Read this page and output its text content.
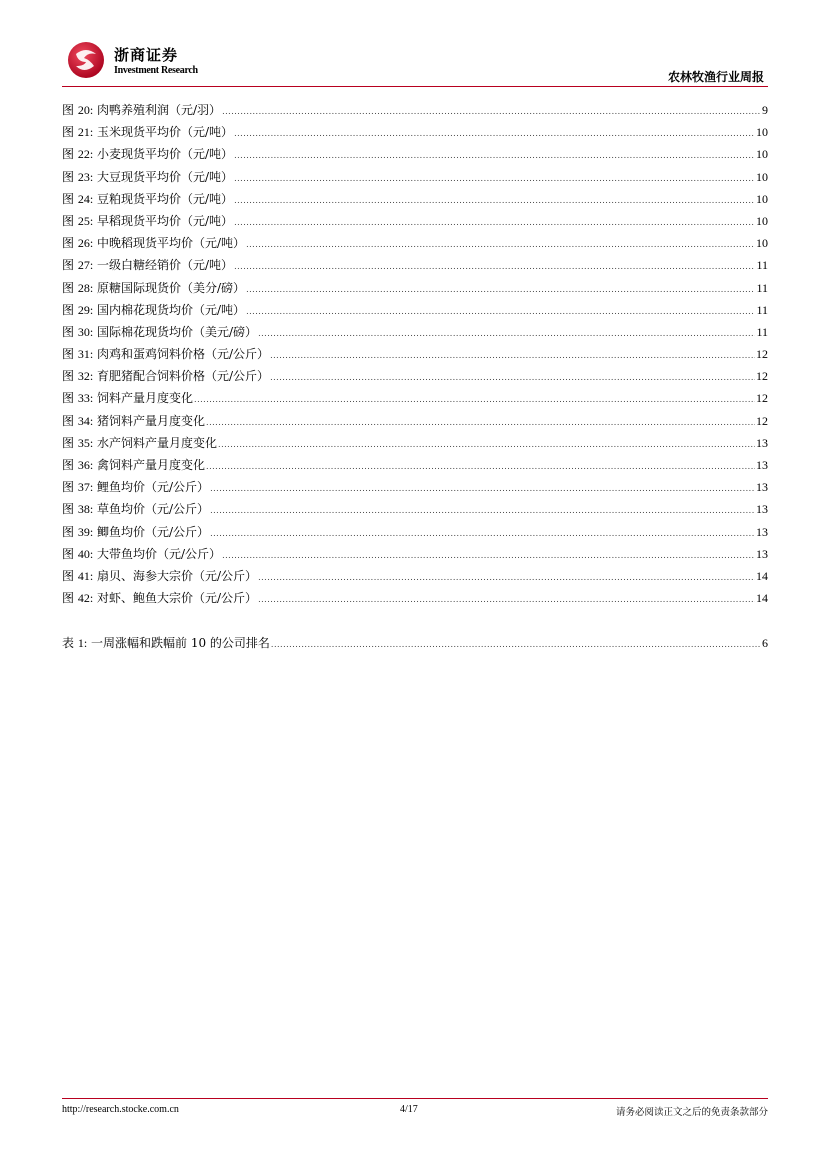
浙商证券
Investment Research	农林牧渔行业周报
图 20: 肉鸭养殖利润（元/羽） .....	9
图 21: 玉米现货平均价（元/吨） .....	10
图 22: 小麦现货平均价（元/吨） .....	10
图 23: 大豆现货平均价（元/吨） .....	10
图 24: 豆粕现货平均价（元/吨） .....	10
图 25: 早稻现货平均价（元/吨） .....	10
图 26: 中晚稻现货平均价（元/吨） .....	10
图 27: 一级白糖经销价（元/吨） .....	11
图 28: 原糖国际现货价（美分/磅） .....	11
图 29: 国内棉花现货均价（元/吨） .....	11
图 30: 国际棉花现货均价（美元/磅） .....	11
图 31: 肉鸡和蛋鸡饲料价格（元/公斤） .....	12
图 32: 育肥猪配合饲料价格（元/公斤） .....	12
图 33: 饲料产量月度变化 .....	12
图 34: 猪饲料产量月度变化 .....	12
图 35: 水产饲料产量月度变化 .....	13
图 36: 禽饲料产量月度变化 .....	13
图 37: 鲤鱼均价（元/公斤） .....	13
图 38: 草鱼均价（元/公斤） .....	13
图 39: 鲫鱼均价（元/公斤） .....	13
图 40: 大带鱼均价（元/公斤） .....	13
图 41: 扇贝、海参大宗价（元/公斤） .....	14
图 42: 对虾、鲍鱼大宗价（元/公斤） .....	14
表 1: 一周涨幅和跌幅前 10 的公司排名 .....	6
http://research.stocke.com.cn	4/17	请务必阅读正文之后的免责条款部分
